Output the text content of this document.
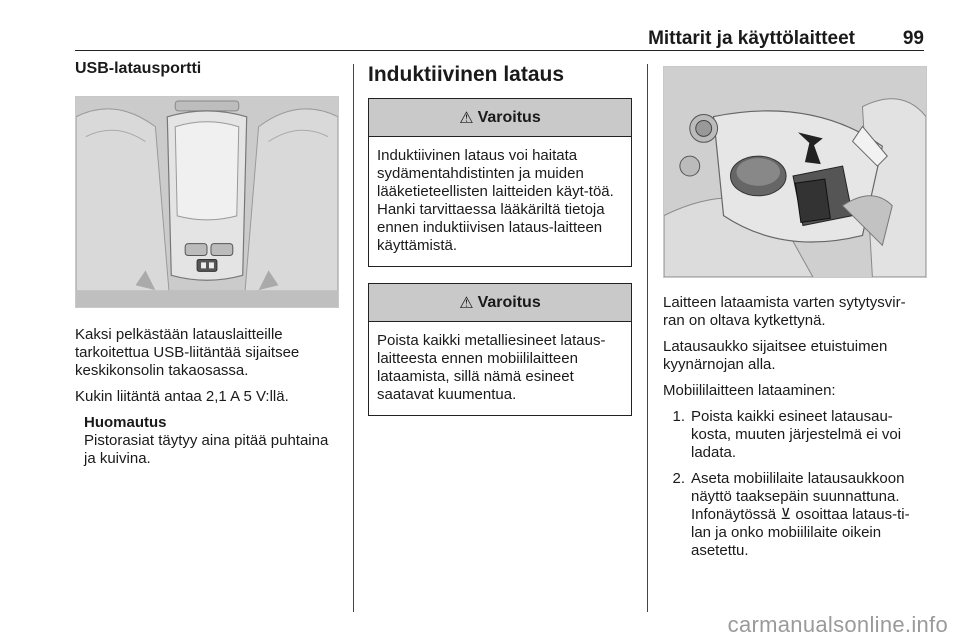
Mittarit ja käyttölaitteet	99
USB-latausportti
Kaksi pelkästään latauslaitteille tarkoitettua USB-liitäntää sijaitsee keskikonsolin takaosassa.
Kukin liitäntä antaa 2,1 A 5 V:llä.
Huomautus
Pistorasiat täytyy aina pitää puhtaina ja kuivina.
Induktiivinen lataus
⚠ Varoitus
Induktiivinen lataus voi haitata sydämentahdistinten ja muiden lääketieteellisten laitteiden käyt-töä. Hanki tarvittaessa lääkäriltä tietoja ennen induktiivisen lataus-laitteen käyttämistä.
⚠ Varoitus
Poista kaikki metalliesineet lataus-laitteesta ennen mobiililaitteen lataamista, sillä nämä esineet saatavat kuumentua.
Laitteen lataamista varten sytytysvir-ran on oltava kytkettynä.
Latausaukko sijaitsee etuistuimen kyynärnojan alla.
Mobiililaitteen lataaminen:
1. Poista kaikki esineet latausau-kosta, muuten järjestelmä ei voi ladata.
2. Aseta mobiililaite latausaukkoon näyttö taaksepäin suunnattuna. Infonäytössä ⊻ osoittaa lataus-ti-lan ja onko mobiililaite oikein asetettu.
carmanualsonline.info
